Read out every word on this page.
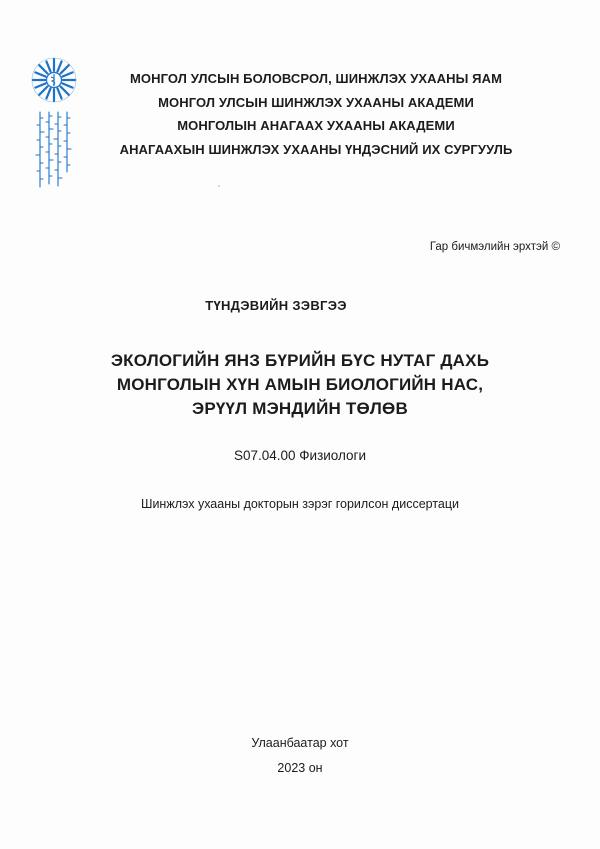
МОНГОЛ УЛСЫН БОЛОВСРОЛ, ШИНЖЛЭХ УХААНЫ ЯАМ
МОНГОЛ УЛСЫН ШИНЖЛЭХ УХААНЫ АКАДЕМИ
МОНГОЛЫН АНАГААХ УХААНЫ АКАДЕМИ
АНАГААХЫН ШИНЖЛЭХ УХААНЫ ҮНДЭСНИЙ ИХ СУРГУУЛЬ
Гар бичмэлийн эрхтэй ©
ТҮНДЭВИЙН ЗЭВГЭЭ
ЭКОЛОГИЙН ЯНЗ БҮРИЙН БҮС НУТАГ ДАХЬ
МОНГОЛЫН ХҮН АМЫН БИОЛОГИЙН НАС,
ЭРҮҮЛ МЭНДИЙН ТӨЛӨВ
S07.04.00 Физиологи
Шинжлэх ухааны докторын зэрэг горилсон диссертаци
Улаанбаатар хот
2023 он
